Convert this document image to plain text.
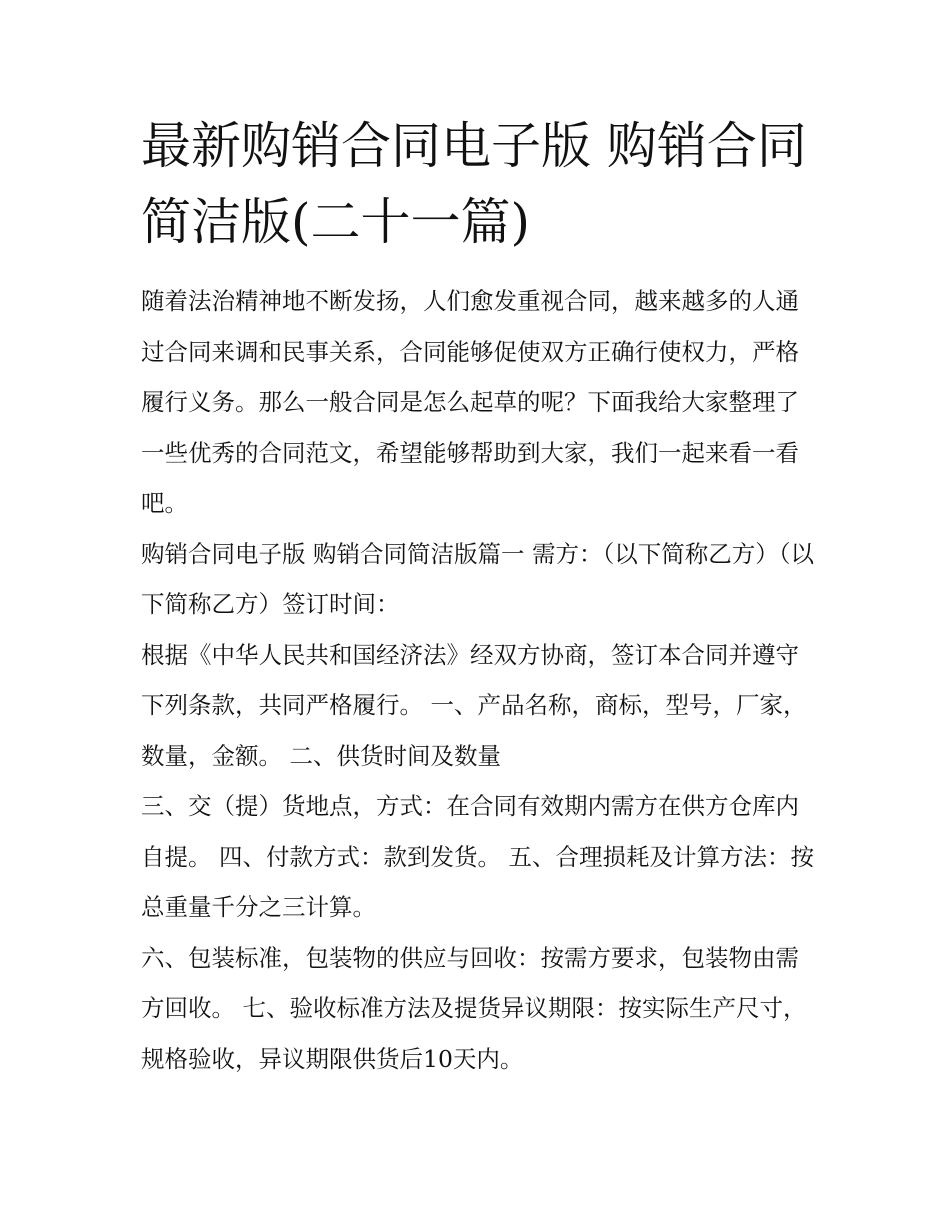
最新购销合同电子版 购销合同简洁版(二十一篇)

随着法治精神地不断发扬，人们愈发重视合同，越来越多的人通过合同来调和民事关系，合同能够促使双方正确行使权力，严格履行义务。那么一般合同是怎么起草的呢？下面我给大家整理了一些优秀的合同范文，希望能够帮助到大家，我们一起来看一看吧。

购销合同电子版 购销合同简洁版篇一 需方：（以下简称乙方）（以下简称乙方）签订时间：

根据《中华人民共和国经济法》经双方协商，签订本合同并遵守下列条款，共同严格履行。 一、产品名称，商标，型号，厂家，数量，金额。 二、供货时间及数量

三、交（提）货地点，方式：在合同有效期内需方在供方仓库内自提。 四、付款方式：款到发货。 五、合理损耗及计算方法：按总重量千分之三计算。

六、包装标准，包装物的供应与回收：按需方要求，包装物由需方回收。 七、验收标准方法及提货异议期限：按实际生产尺寸，规格验收，异议期限供货后10天内。
